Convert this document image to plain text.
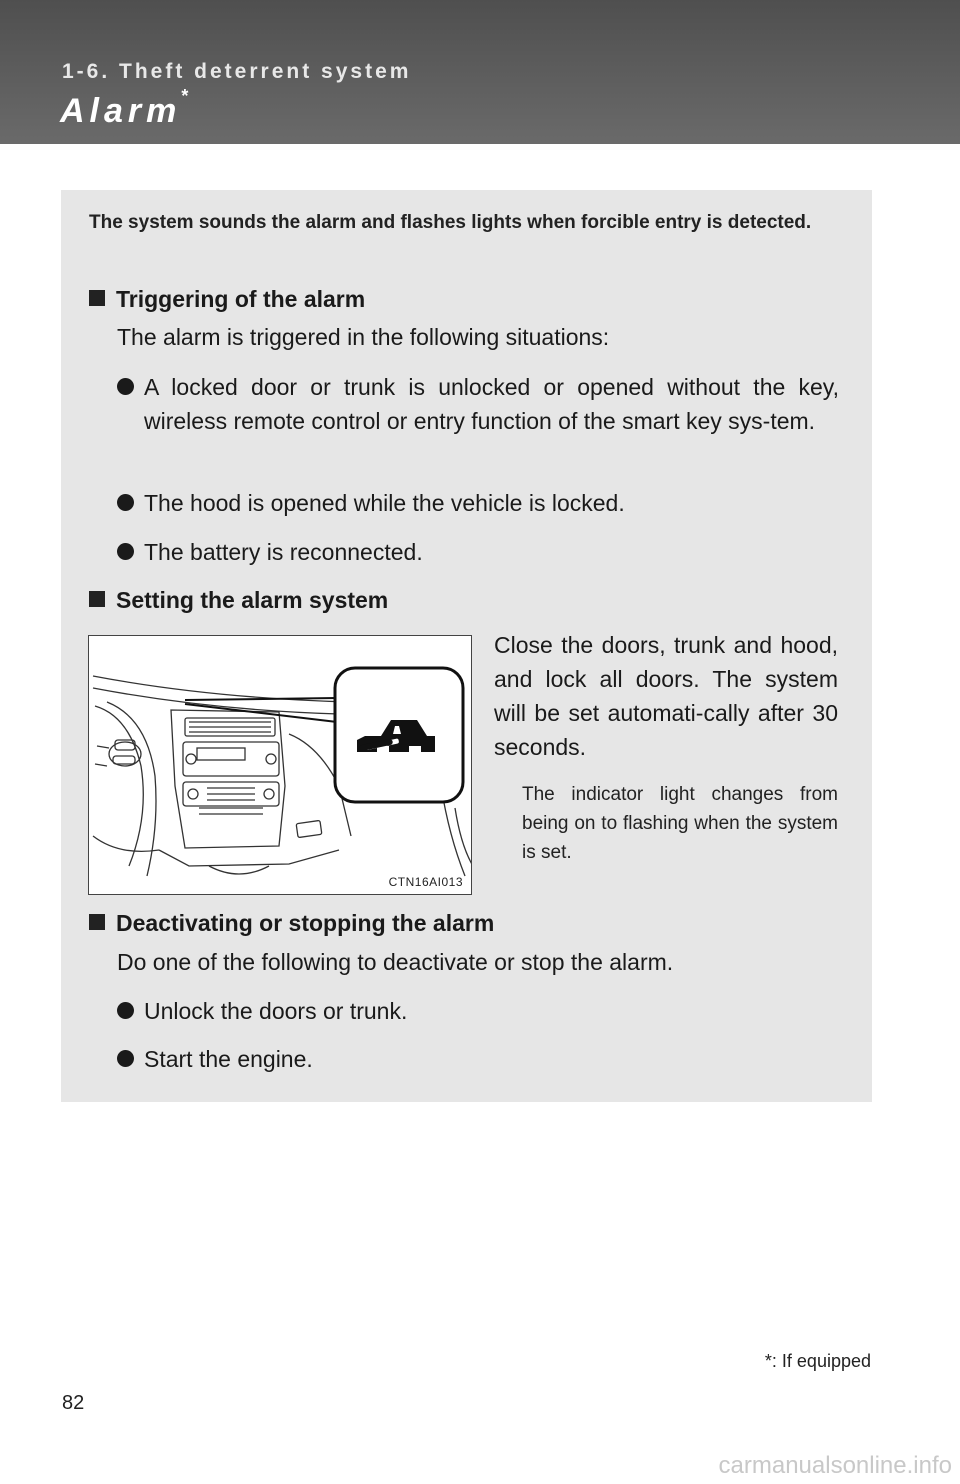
1-6. Theft deterrent system
Alarm*
The system sounds the alarm and flashes lights when forcible entry is detected.
Triggering of the alarm
The alarm is triggered in the following situations:
A locked door or trunk is unlocked or opened without the key, wireless remote control or entry function of the smart key sys-tem.
The hood is opened while the vehicle is locked.
The battery is reconnected.
Setting the alarm system
CTN16AI013
Close the doors, trunk and hood, and lock all doors. The system will be set automati-cally after 30 seconds.
The indicator light changes from being on to flashing when the system is set.
Deactivating or stopping the alarm
Do one of the following to deactivate or stop the alarm.
Unlock the doors or trunk.
Start the engine.
*: If equipped
82
carmanualsonline.info
